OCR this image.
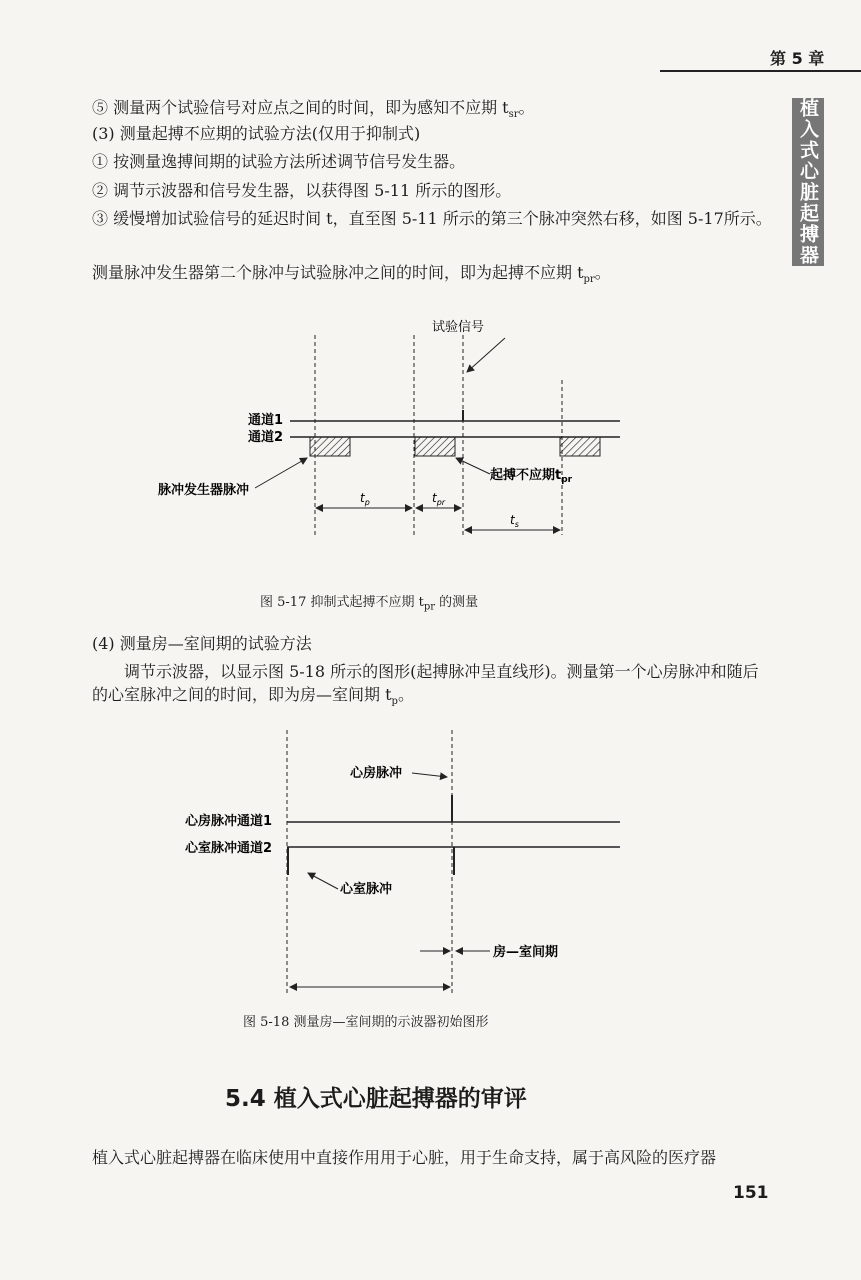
第 5 章
植入式心脏起搏器
⑤ 测量两个试验信号对应点之间的时间，即为感知不应期 $t_{sr}$。
(3) 测量起搏不应期的试验方法(仅用于抑制式)
① 按测量逸搏间期的试验方法所述调节信号发生器。
② 调节示波器和信号发生器，以获得图 5-11 所示的图形。
③ 缓慢增加试验信号的延迟时间 t，直至图 5-11 所示的第三个脉冲突然右移，如图 5-17所示。
测量脉冲发生器第二个脉冲与试验脉冲之间的时间，即为起搏不应期 $t_{pr}$。
试验信号
通道1
通道2
脉冲发生器脉冲
起搏不应期$t_{pr}$
$t_p$	$t_{pr}$
$t_s$
图 5-17 抑制式起搏不应期 $t_{pr}$ 的测量
(4) 测量房—室间期的试验方法
调节示波器，以显示图 5-18 所示的图形(起搏脉冲呈直线形)。测量第一个心房脉冲和随后的心室脉冲之间的时间，即为房—室间期 $t_p$。
心房脉冲
心房脉冲通道1
心室脉冲通道2
心室脉冲
房—室间期
图 5-18 测量房—室间期的示波器初始图形
5.4 植入式心脏起搏器的审评
植入式心脏起搏器在临床使用中直接作用用于心脏，用于生命支持，属于高风险的医疗器
151
